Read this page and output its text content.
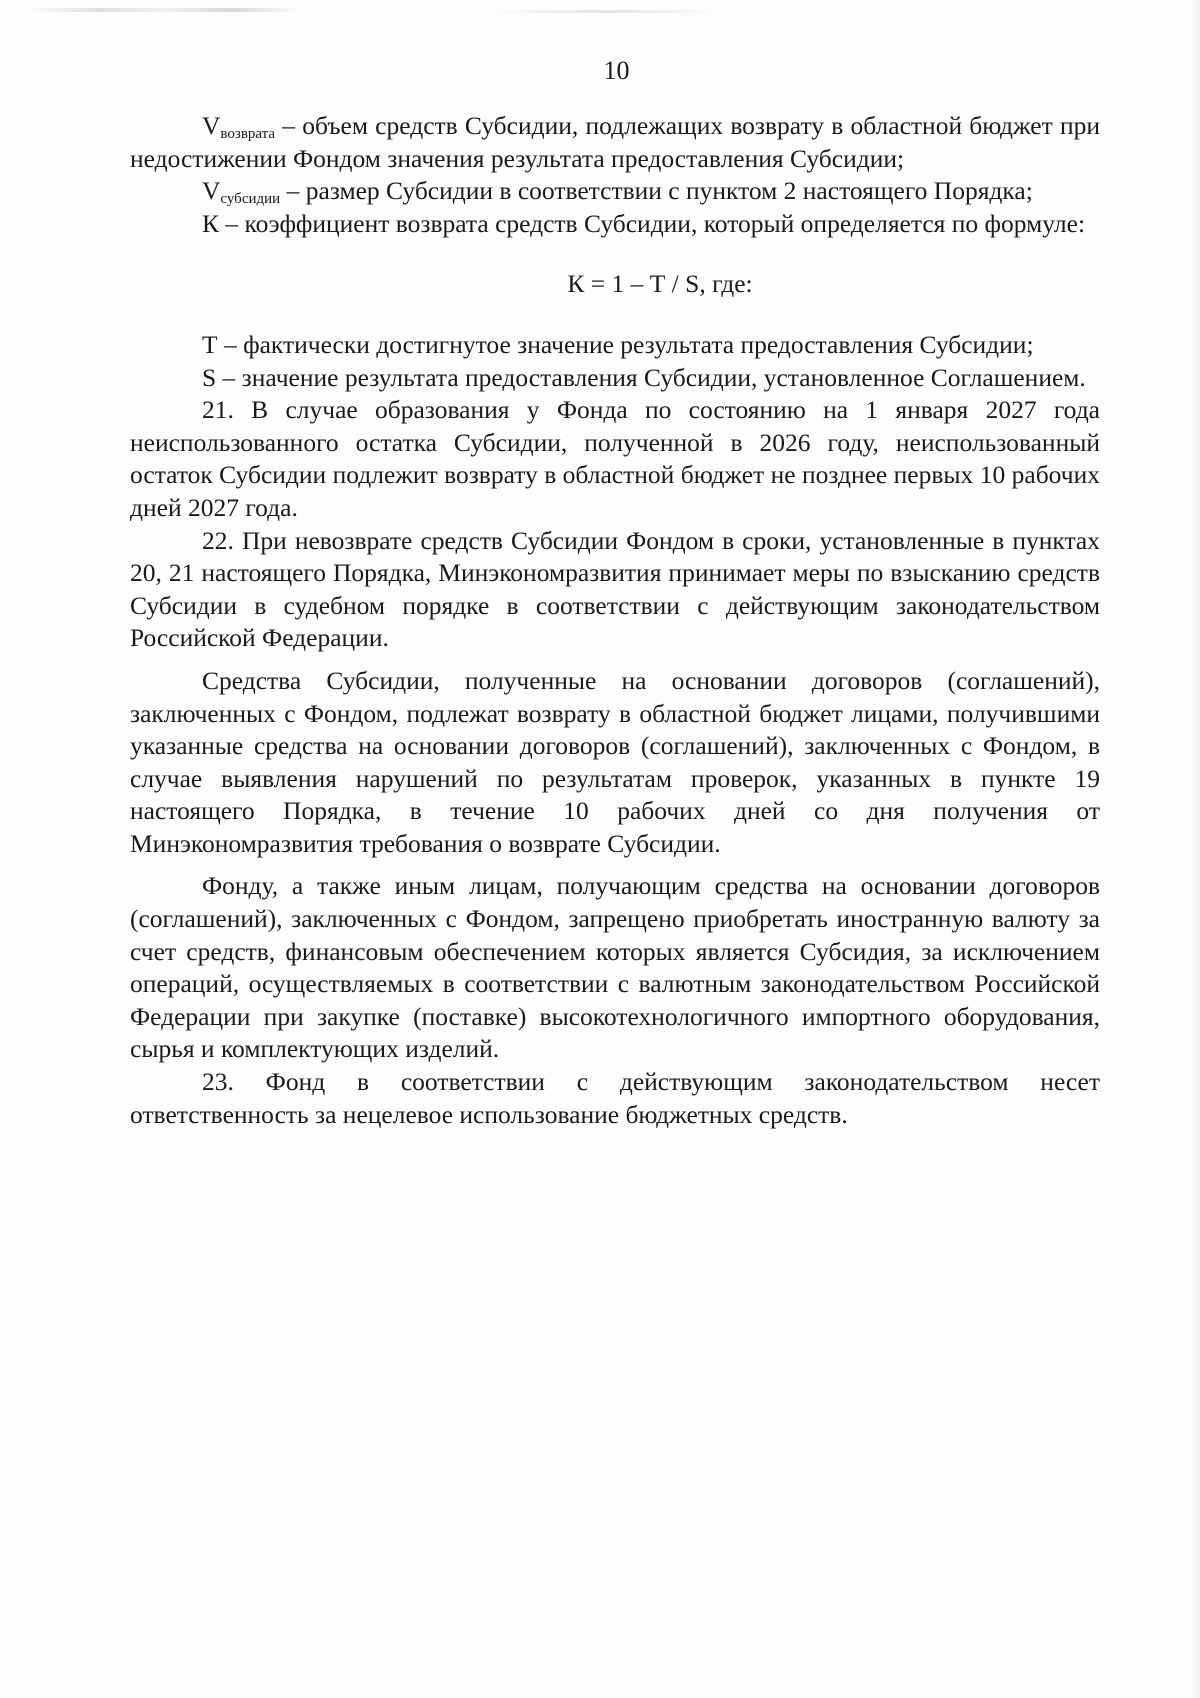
10

$V_{возврата}$ – объем средств Субсидии, подлежащих возврату в областной бюджет при недостижении Фондом значения результата предоставления Субсидии;

$V_{субсидии}$ – размер Субсидии в соответствии с пунктом 2 настоящего Порядка;

К – коэффициент возврата средств Субсидии, который определяется по формуле:

К = 1 – Т / S, где:

Т – фактически достигнутое значение результата предоставления Субсидии;

S – значение результата предоставления Субсидии, установленное Соглашением.

21. В случае образования у Фонда по состоянию на 1 января 2027 года неиспользованного остатка Субсидии, полученной в 2026 году, неиспользованный остаток Субсидии подлежит возврату в областной бюджет не позднее первых 10 рабочих дней 2027 года.

22. При невозврате средств Субсидии Фондом в сроки, установленные в пунктах 20, 21 настоящего Порядка, Минэкономразвития принимает меры по взысканию средств Субсидии в судебном порядке в соответствии с действующим законодательством Российской Федерации.

Средства Субсидии, полученные на основании договоров (соглашений), заключенных с Фондом, подлежат возврату в областной бюджет лицами, получившими указанные средства на основании договоров (соглашений), заключенных с Фондом, в случае выявления нарушений по результатам проверок, указанных в пункте 19 настоящего Порядка, в течение 10 рабочих дней со дня получения от Минэкономразвития требования о возврате Субсидии.

Фонду, а также иным лицам, получающим средства на основании договоров (соглашений), заключенных с Фондом, запрещено приобретать иностранную валюту за счет средств, финансовым обеспечением которых является Субсидия, за исключением операций, осуществляемых в соответствии с валютным законодательством Российской Федерации при закупке (поставке) высокотехнологичного импортного оборудования, сырья и комплектующих изделий.

23. Фонд в соответствии с действующим законодательством несет ответственность за нецелевое использование бюджетных средств.
